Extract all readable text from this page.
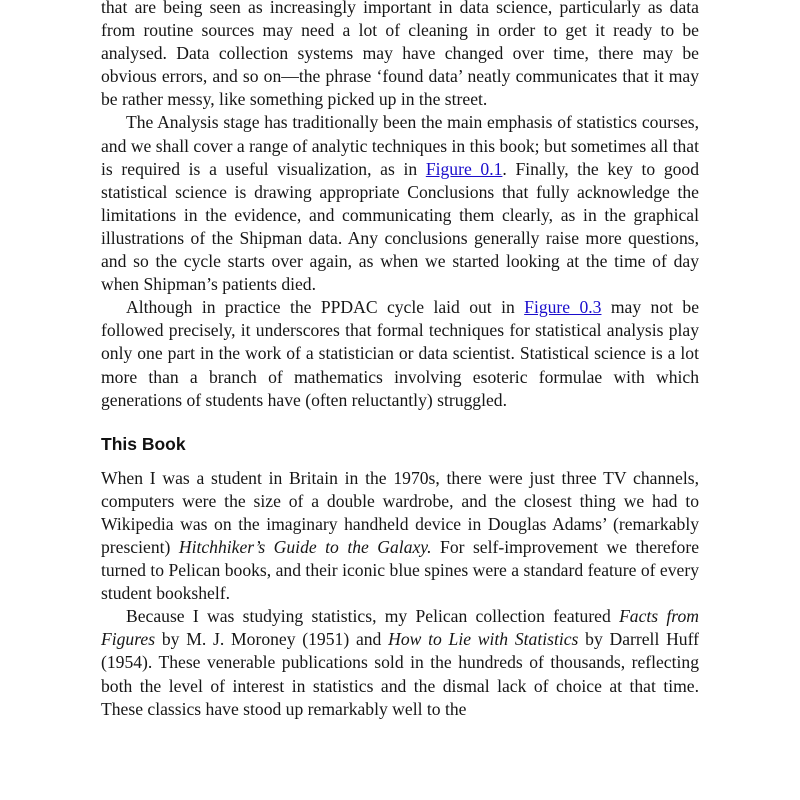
that are being seen as increasingly important in data science, particularly as data from routine sources may need a lot of cleaning in order to get it ready to be analysed. Data collection systems may have changed over time, there may be obvious errors, and so on—the phrase ‘found data’ neatly communicates that it may be rather messy, like something picked up in the street.

The Analysis stage has traditionally been the main emphasis of statistics courses, and we shall cover a range of analytic techniques in this book; but sometimes all that is required is a useful visualization, as in Figure 0.1. Finally, the key to good statistical science is drawing appropriate Conclusions that fully acknowledge the limitations in the evidence, and communicating them clearly, as in the graphical illustrations of the Shipman data. Any conclusions generally raise more questions, and so the cycle starts over again, as when we started looking at the time of day when Shipman’s patients died.

Although in practice the PPDAC cycle laid out in Figure 0.3 may not be followed precisely, it underscores that formal techniques for statistical analysis play only one part in the work of a statistician or data scientist. Statistical science is a lot more than a branch of mathematics involving esoteric formulae with which generations of students have (often reluctantly) struggled.

This Book

When I was a student in Britain in the 1970s, there were just three TV channels, computers were the size of a double wardrobe, and the closest thing we had to Wikipedia was on the imaginary handheld device in Douglas Adams’ (remarkably prescient) Hitchhiker’s Guide to the Galaxy. For self-improvement we therefore turned to Pelican books, and their iconic blue spines were a standard feature of every student bookshelf.

Because I was studying statistics, my Pelican collection featured Facts from Figures by M. J. Moroney (1951) and How to Lie with Statistics by Darrell Huff (1954). These venerable publications sold in the hundreds of thousands, reflecting both the level of interest in statistics and the dismal lack of choice at that time. These classics have stood up remarkably well to the
